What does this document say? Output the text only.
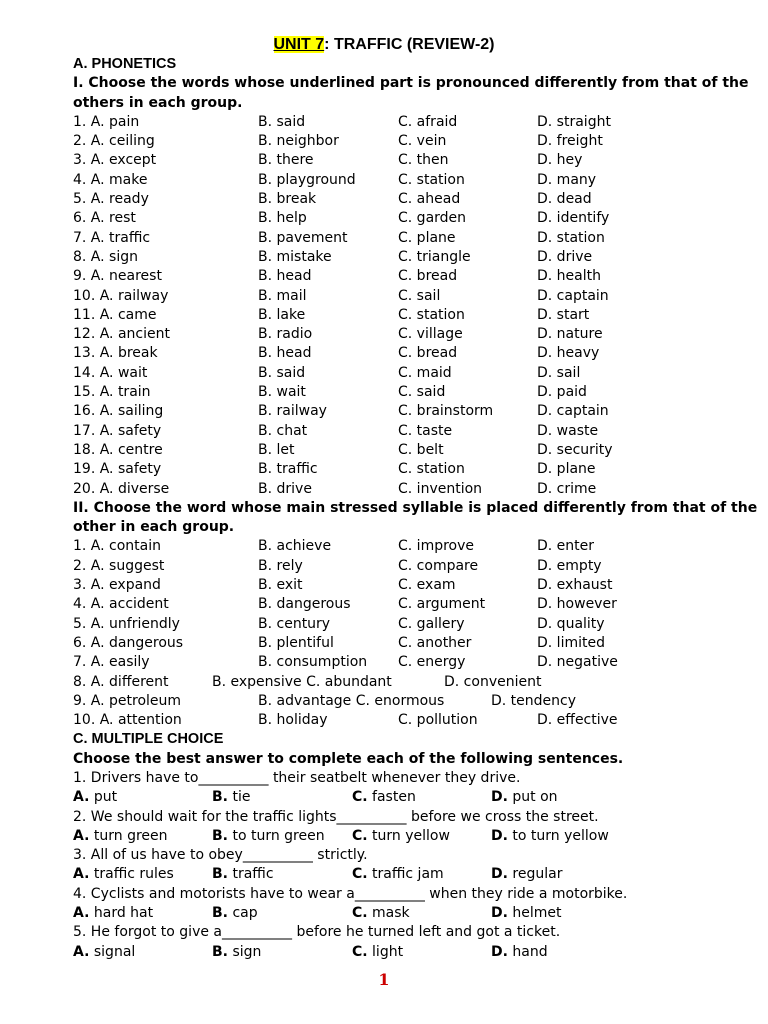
UNIT 7: TRAFFIC (REVIEW-2)
A. PHONETICS
I. Choose the words whose underlined part is pronounced differently from that of the
others in each group.
1. A. pain	B. said	C. afraid	D. straight
2. A. ceiling	B. neighbor	C. vein	D. freight
3. A. except	B. there	C. then	D. hey
4. A. make	B. playground	C. station	D. many
5. A. ready	B. break	C. ahead	D. dead
6. A. rest	B. help	C. garden	D. identify
7. A. traffic	B. pavement	C. plane	D. station
8. A. sign	B. mistake	C. triangle	D. drive
9. A. nearest	B. head	C. bread	D. health
10. A. railway	B. mail	C. sail	D. captain
11. A. came	B. lake	C. station	D. start
12. A. ancient	B. radio	C. village	D. nature
13. A. break	B. head	C. bread	D. heavy
14. A. wait	B. said	C. maid	D. sail
15. A. train	B. wait	C. said	D. paid
16. A. sailing	B. railway	C. brainstorm	D. captain
17. A. safety	B. chat	C. taste	D. waste
18. A. centre	B. let	C. belt	D. security
19. A. safety	B. traffic	C. station	D. plane
20. A. diverse	B. drive	C. invention	D. crime
II. Choose the word whose main stressed syllable is placed differently from that of the
other in each group.
1. A. contain	B. achieve	C. improve	D. enter
2. A. suggest	B. rely	C. compare	D. empty
3. A. expand	B. exit	C. exam	D. exhaust
4. A. accident	B. dangerous	C. argument	D. however
5. A. unfriendly	B. century	C. gallery	D. quality
6. A. dangerous	B. plentiful	C. another	D. limited
7. A. easily	B. consumption C. energy	D. negative
8. A. different	B. expensive C. abundant	D. convenient
9. A. petroleum	B. advantage C. enormous	D. tendency
10. A. attention	B. holiday	C. pollution	D. effective
C. MULTIPLE CHOICE
Choose the best answer to complete each of the following sentences.
1. Drivers have to__________ their seatbelt whenever they drive.
A. put	B. tie	C. fasten	D. put on
2. We should wait for the traffic lights__________ before we cross the street.
A. turn green	B. to turn green C. turn yellow	D. to turn yellow
3. All of us have to obey__________ strictly.
A. traffic rules	B. traffic	C. traffic jam	D. regular
4. Cyclists and motorists have to wear a__________ when they ride a motorbike.
A. hard hat	B. cap	C. mask	D. helmet
5. He forgot to give a__________ before he turned left and got a ticket.
A. signal	B. sign	C. light	D. hand
1
